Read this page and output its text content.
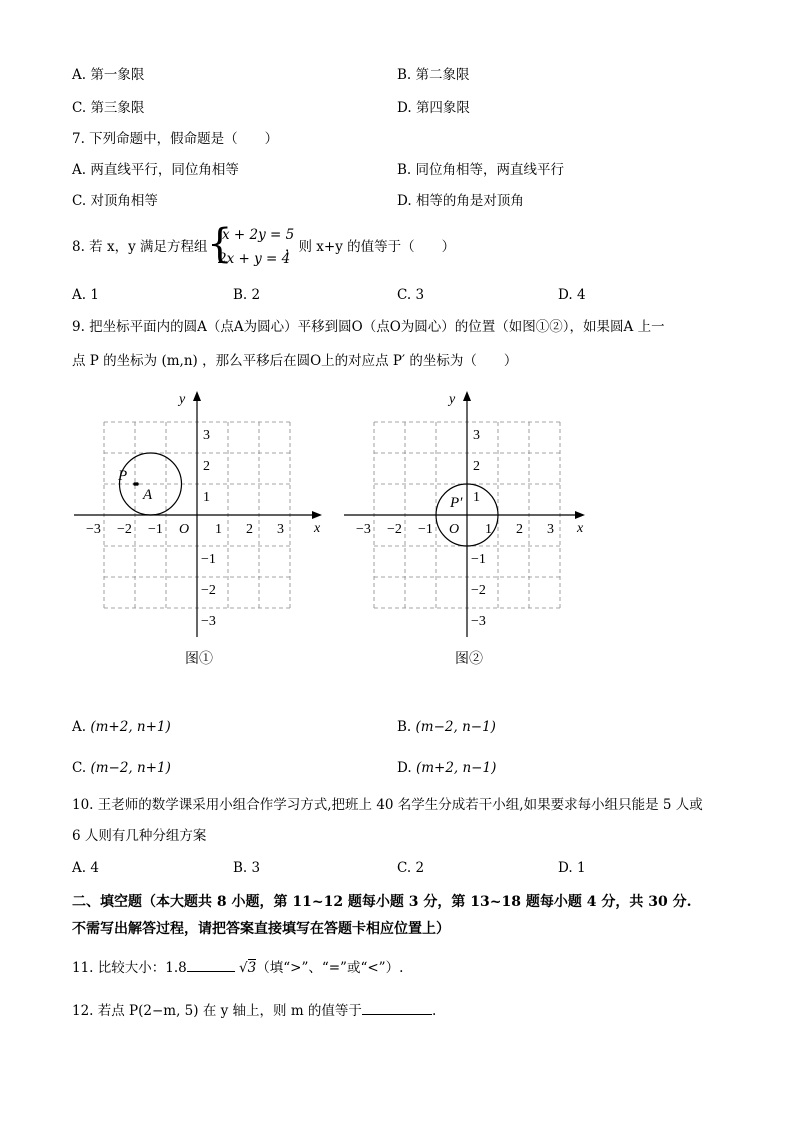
A. 第一象限	B. 第二象限
C. 第三象限	D. 第四象限
7. 下列命题中，假命题是（　　）
A. 两直线平行，同位角相等	B. 同位角相等，两直线平行
C. 对顶角相等	D. 相等的角是对顶角
8. 若 x，y 满足方程组 {
x + 2y = 5
2x + y = 4
，则 x+y 的值等于（　　）
A. 1	B. 2	C. 3	D. 4
9. 把坐标平面内的圆A（点A为圆心）平移到圆O（点O为圆心）的位置（如图①②），如果圆A 上一
点 P 的坐标为 (m,n) ，那么平移后在圆O上的对应点 P′ 的坐标为（　　）
x
y
O
−3 −2 −1	1 2 3
3
2
1
−1
−2
−3
P
A
图①
x
y
O
−3 −2 −1	1 2 3
3
2
1
−1
−2
−3
P′
图②
A. (m+2, n+1)	B. (m−2, n−1)
C. (m−2, n+1)	D. (m+2, n−1)
10. 王老师的数学课采用小组合作学习方式,把班上 40 名学生分成若干小组,如果要求每小组只能是 5 人或
6 人则有几种分组方案
A. 4	B. 3	C. 2	D. 1
二、填空题（本大题共 8 小题，第 11~12 题每小题 3 分，第 13~18 题每小题 4 分，共 30 分.
不需写出解答过程，请把答案直接填写在答题卡相应位置上）
11. 比较大小：1.8	√3（填“>”、“=”或“<”）.
12. 若点 P(2−m, 5) 在 y 轴上，则 m 的值等于	.
